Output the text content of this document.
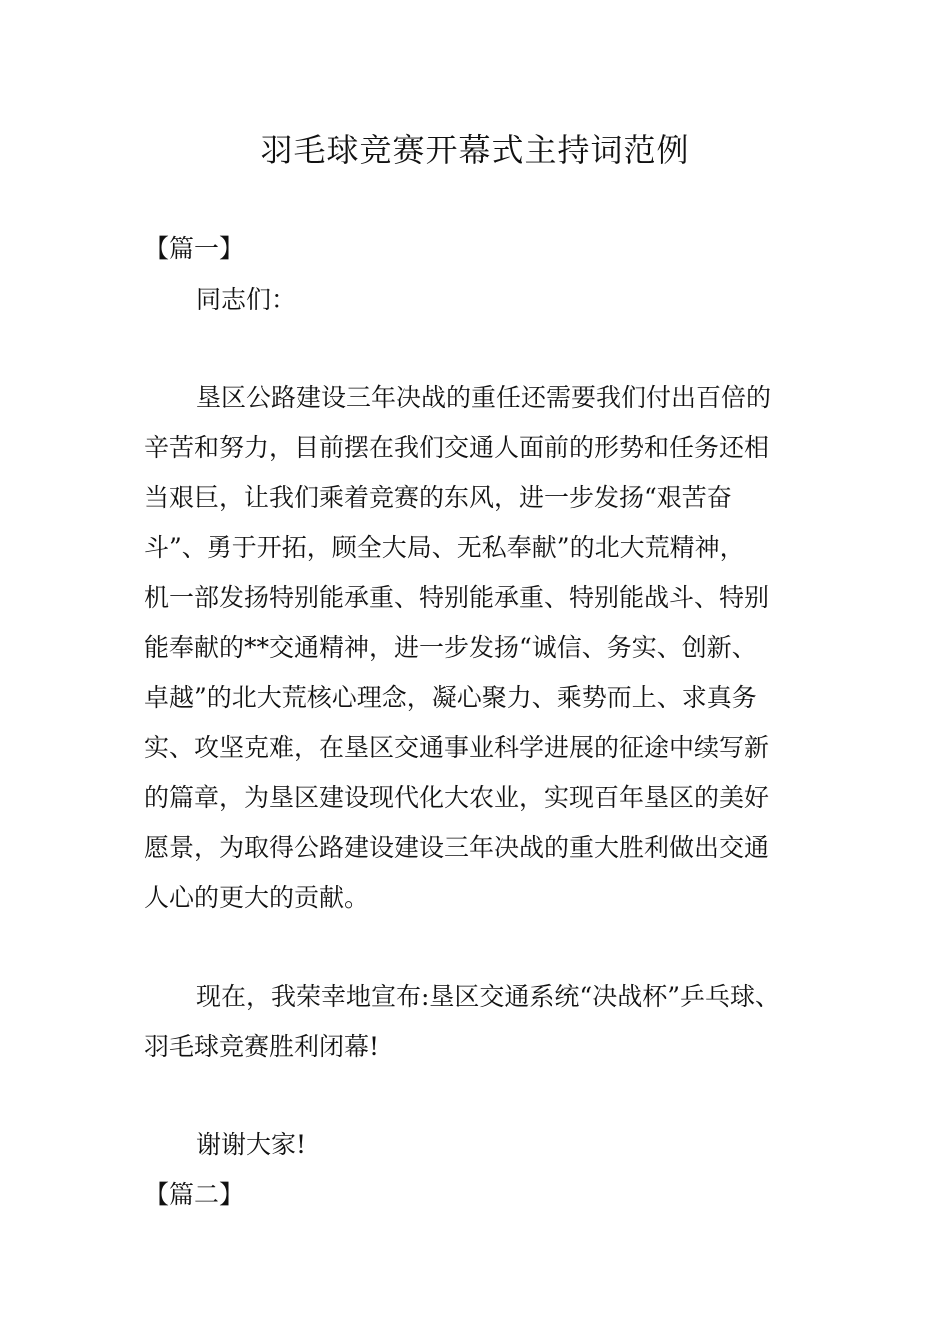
羽毛球竞赛开幕式主持词范例
【篇一】
同志们：
垦区公路建设三年决战的重任还需要我们付出百倍的
辛苦和努力，目前摆在我们交通人面前的形势和任务还相
当艰巨，让我们乘着竞赛的东风，进一步发扬“艰苦奋
斗”、勇于开拓，顾全大局、无私奉献”的北大荒精神，
机一部发扬特别能承重、特别能承重、特别能战斗、特别
能奉献的**交通精神，进一步发扬“诚信、务实、创新、
卓越”的北大荒核心理念，凝心聚力、乘势而上、求真务
实、攻坚克难，在垦区交通事业科学进展的征途中续写新
的篇章，为垦区建设现代化大农业，实现百年垦区的美好
愿景，为取得公路建设建设三年决战的重大胜利做出交通
人心的更大的贡献。
现在，我荣幸地宣布:垦区交通系统“决战杯”乒乓球、
羽毛球竞赛胜利闭幕!
谢谢大家!
【篇二】
